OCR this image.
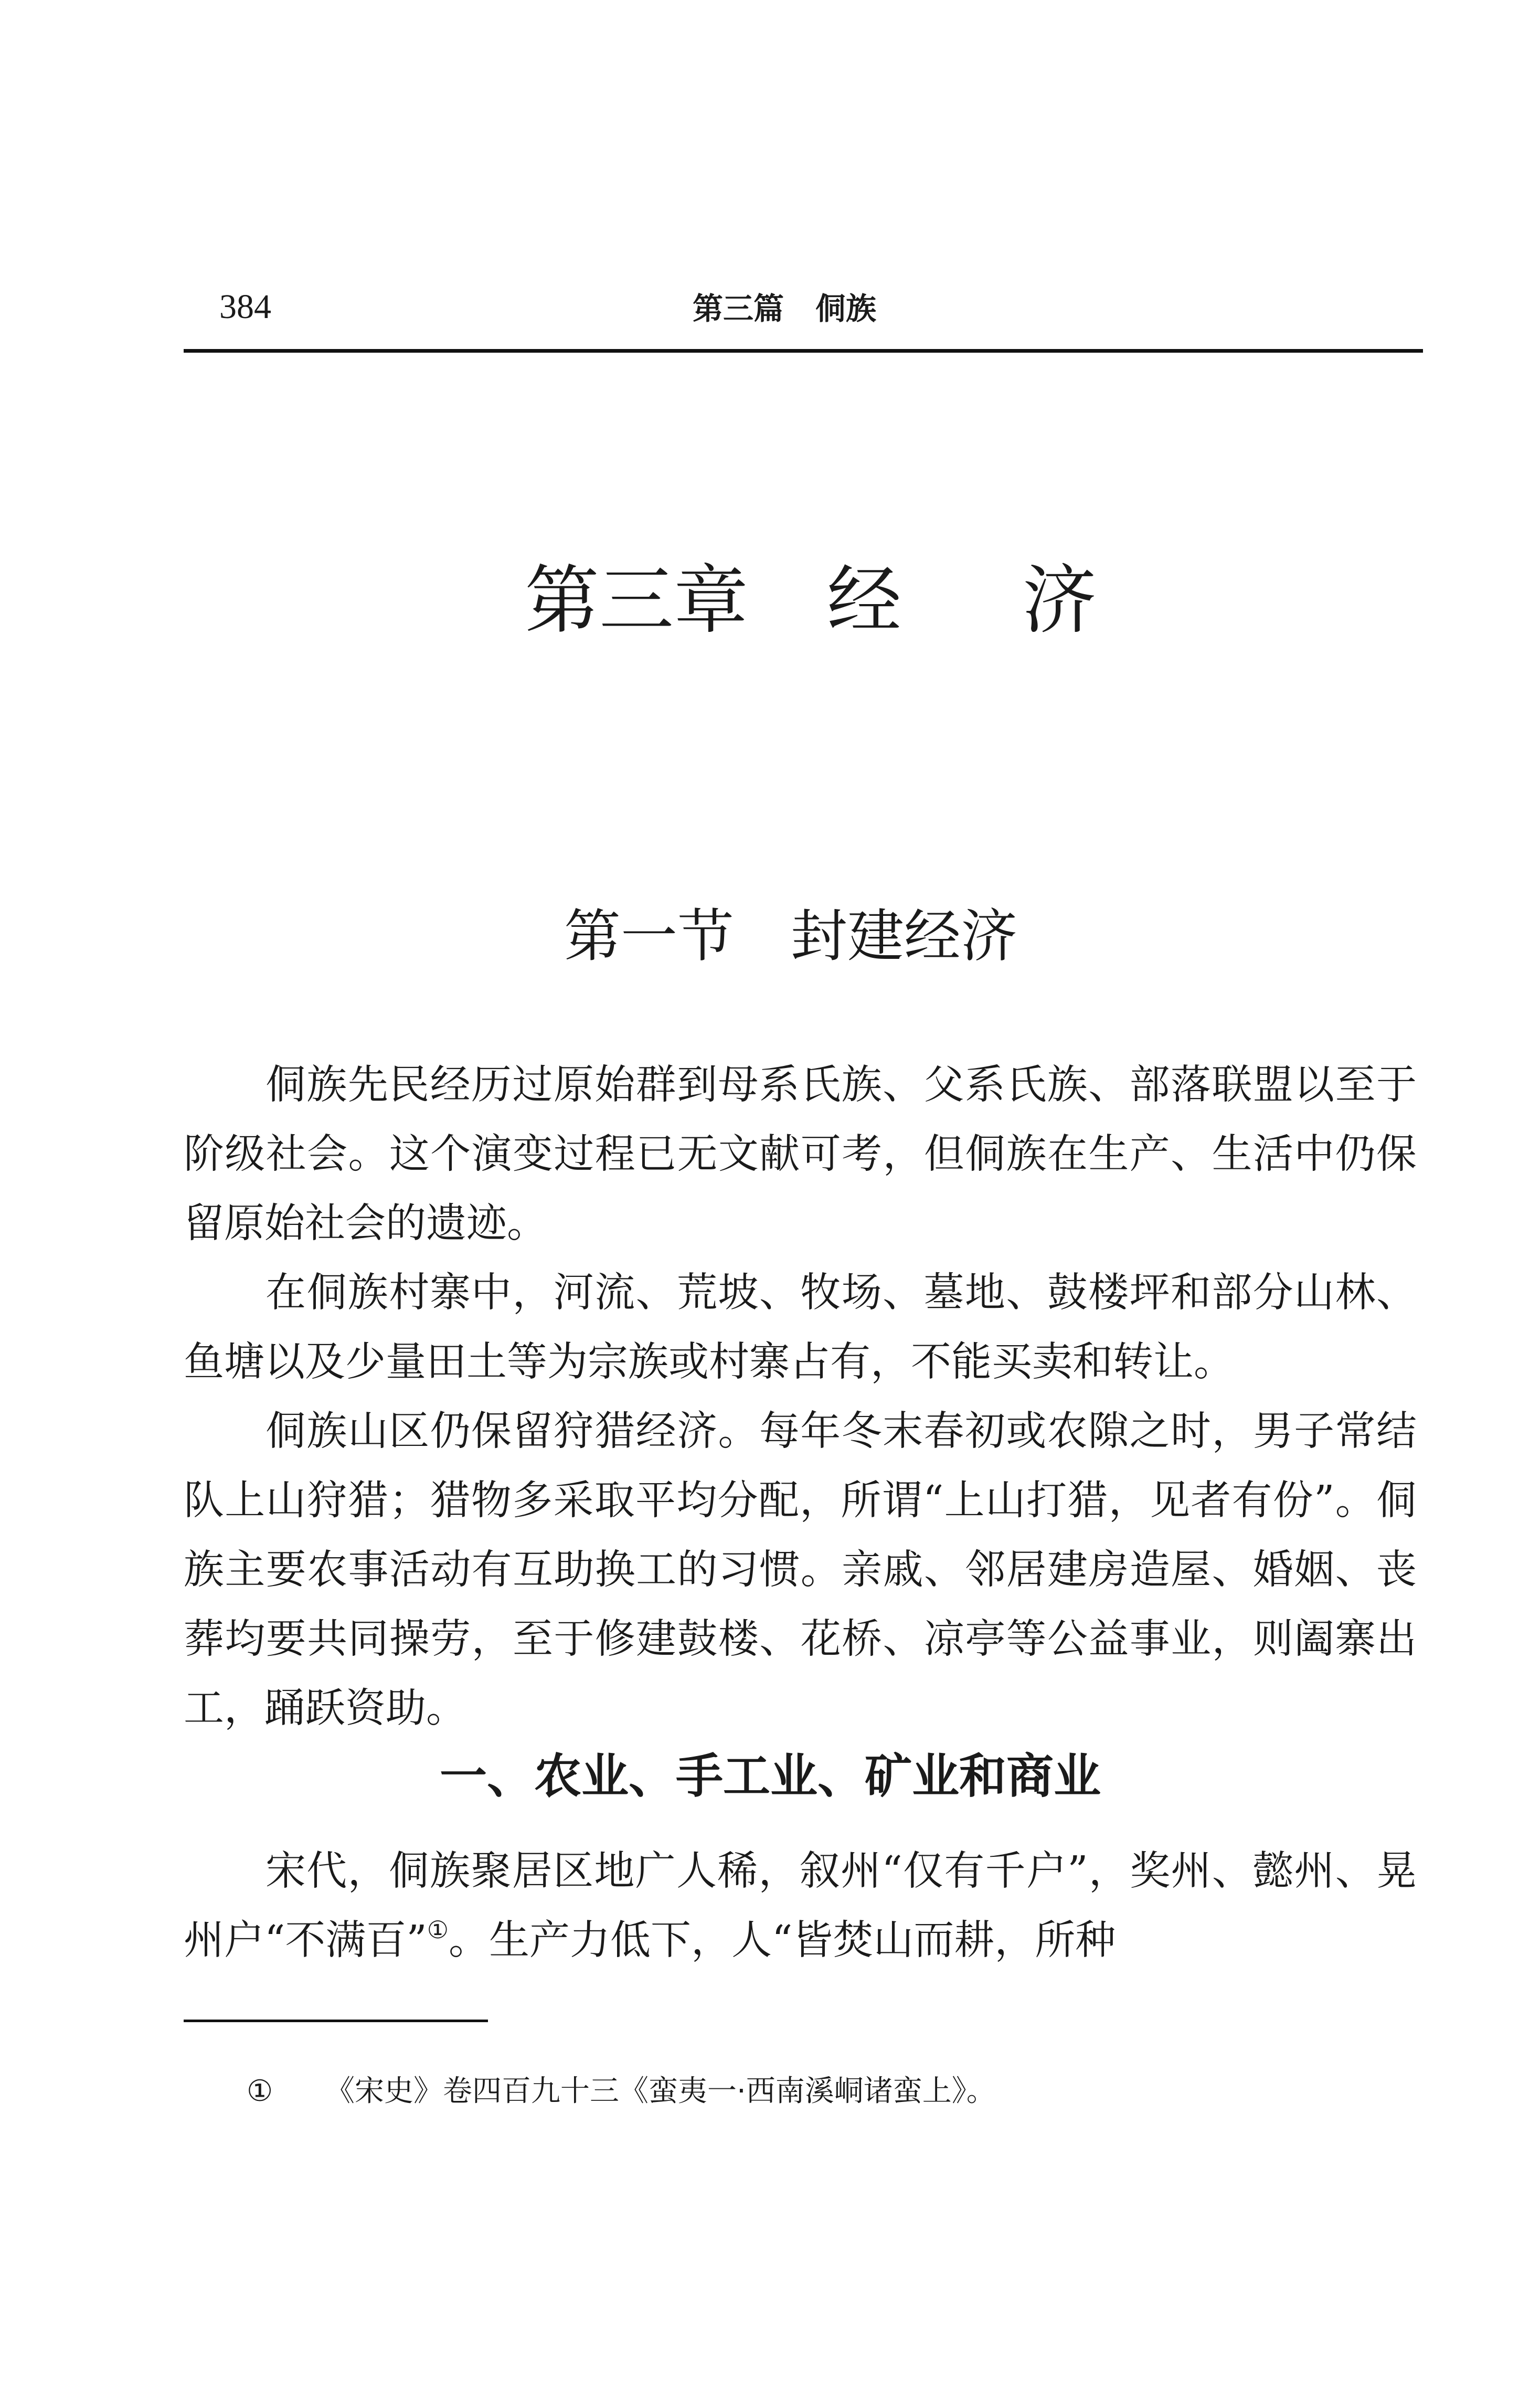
384	第三篇 侗族
第三章 经 济
第一节　封建经济

侗族先民经历过原始群到母系氏族、父系氏族、部落联盟以至于阶级社会。这个演变过程已无文献可考，但侗族在生产、生活中仍保留原始社会的遗迹。

在侗族村寨中，河流、荒坡、牧场、墓地、鼓楼坪和部分山林、鱼塘以及少量田土等为宗族或村寨占有，不能买卖和转让。

侗族山区仍保留狩猎经济。每年冬末春初或农隙之时，男子常结队上山狩猎；猎物多采取平均分配，所谓“上山打猎，见者有份”。侗族主要农事活动有互助换工的习惯。亲戚、邻居建房造屋、婚姻、丧葬均要共同操劳，至于修建鼓楼、花桥、凉亭等公益事业，则阖寨出工，踊跃资助。

一、农业、手工业、矿业和商业

宋代，侗族聚居区地广人稀，叙州“仅有千户”，奖州、懿州、晃州户“不满百”①。生产力低下，人“皆焚山而耕，所种

① 《宋史》卷四百九十三《蛮夷一·西南溪峒诸蛮上》。
